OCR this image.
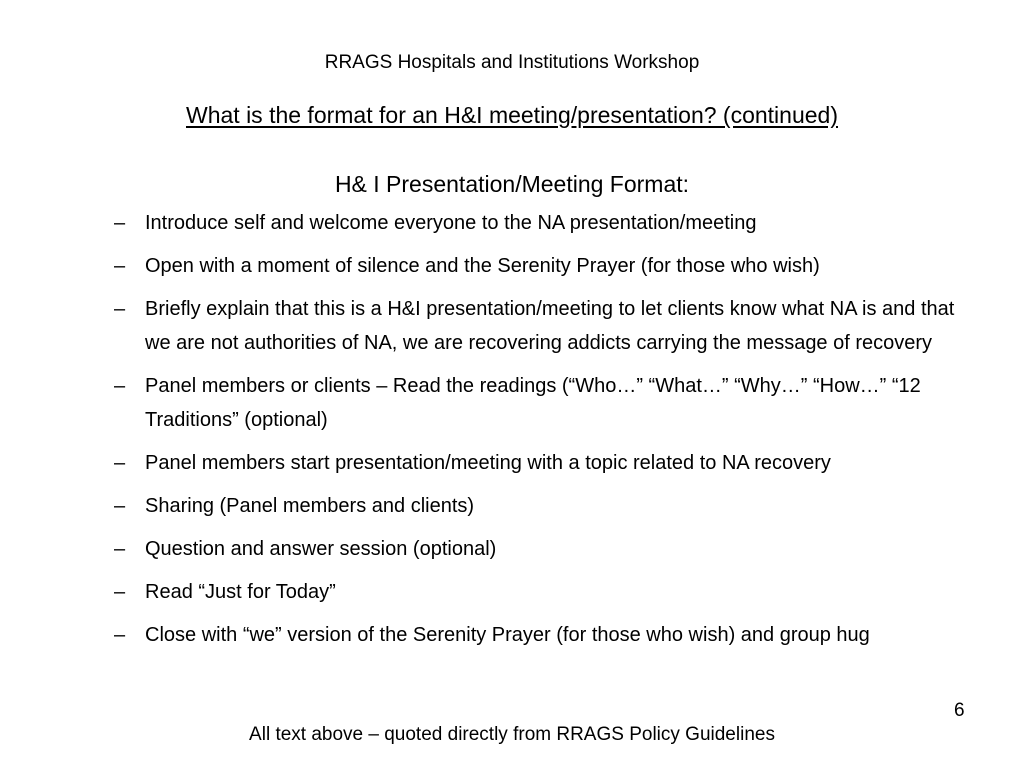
RRAGS Hospitals and Institutions Workshop
What is the format for an H&I meeting/presentation? (continued)
H& I Presentation/Meeting Format:
– Introduce self and welcome everyone to the NA presentation/meeting
– Open with a moment of silence and the Serenity Prayer (for those who wish)
– Briefly explain that this is a H&I presentation/meeting to let clients know what NA is and that we are not authorities of NA, we are recovering addicts carrying the message of recovery
– Panel members or clients – Read the readings (“Who…” “What…” “Why…” “How…” “12 Traditions” (optional)
– Panel members start presentation/meeting with a topic related to NA recovery
– Sharing (Panel members and clients)
– Question and answer session (optional)
– Read “Just for Today”
– Close with “we” version of the Serenity Prayer (for those who wish) and group hug
6
All text above – quoted directly from RRAGS Policy Guidelines
